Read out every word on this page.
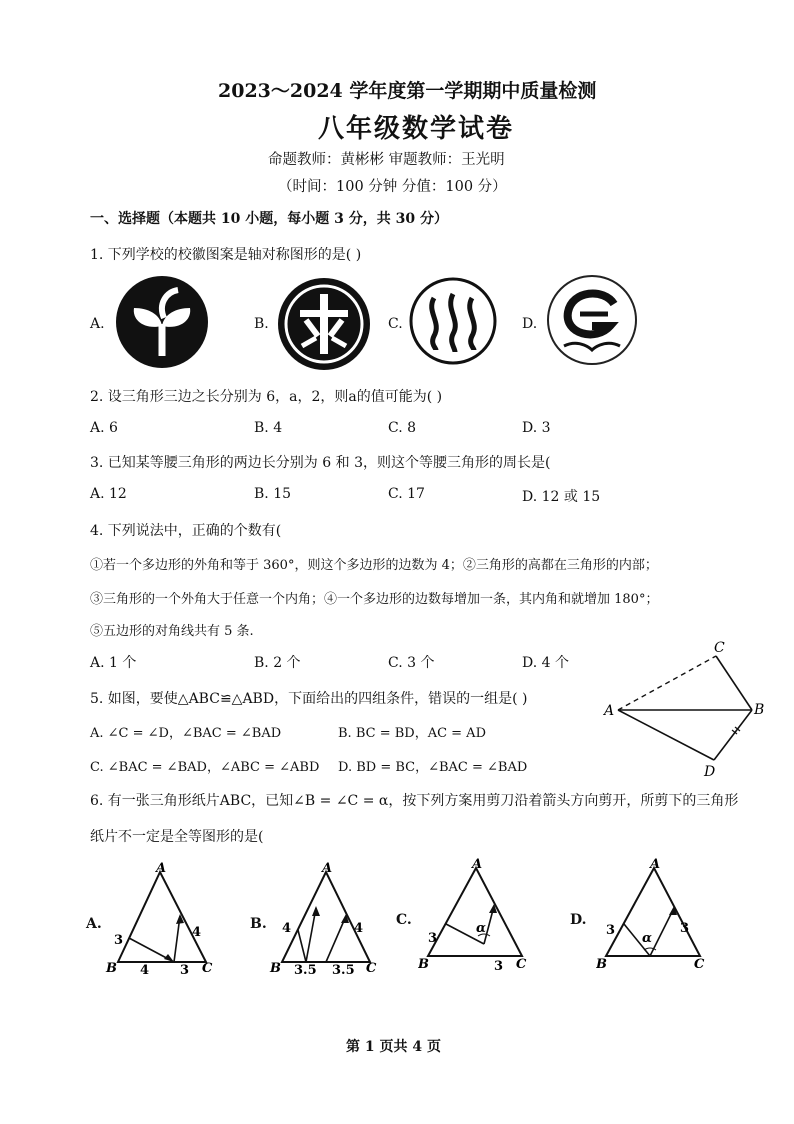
2023～2024 学年度第一学期期中质量检测
八年级数学试卷
命题教师：黄彬彬 审题教师：王光明
（时间：100 分钟 分值：100 分）
一、选择题（本题共 10 小题，每小题 3 分，共 30 分）
1. 下列学校的校徽图案是轴对称图形的是( )
A.	B.	C.	D.
2. 设三角形三边之长分别为 6，a，2，则a的值可能为( )
A. 6	B. 4	C. 8	D. 3
3. 已知某等腰三角形的两边长分别为 6 和 3，则这个等腰三角形的周长是(
A. 12	B. 15	C. 17	D. 12 或 15
4. 下列说法中，正确的个数有(
①若一个多边形的外角和等于 360°，则这个多边形的边数为 4；②三角形的高都在三角形的内部；
③三角形的一个外角大于任意一个内角；④一个多边形的边数每增加一条，其内角和就增加 180°；
⑤五边形的对角线共有 5 条.
A. 1 个	B. 2 个	C. 3 个	D. 4 个
5. 如图，要使△ABC≌△ABD，下面给出的四组条件，错误的一组是( )
A. ∠C = ∠D，∠BAC = ∠BAD	B. BC = BD，AC = AD
C. ∠BAC = ∠BAD，∠ABC = ∠ABD D. BD = BC，∠BAC = ∠BAD
A	B
C
D
6. 有一张三角形纸片ABC，已知∠B = ∠C = α，按下列方案用剪刀沿着箭头方向剪开，所剪下的三角形
纸片不一定是全等图形的是(
A.	B.	C.	D.
A
B	C
3
4
4
3
A
B	C
4	4
3.5 3.5
A
B	C
3
α
3
A
B	C
3
α
3
第 1 页共 4 页
